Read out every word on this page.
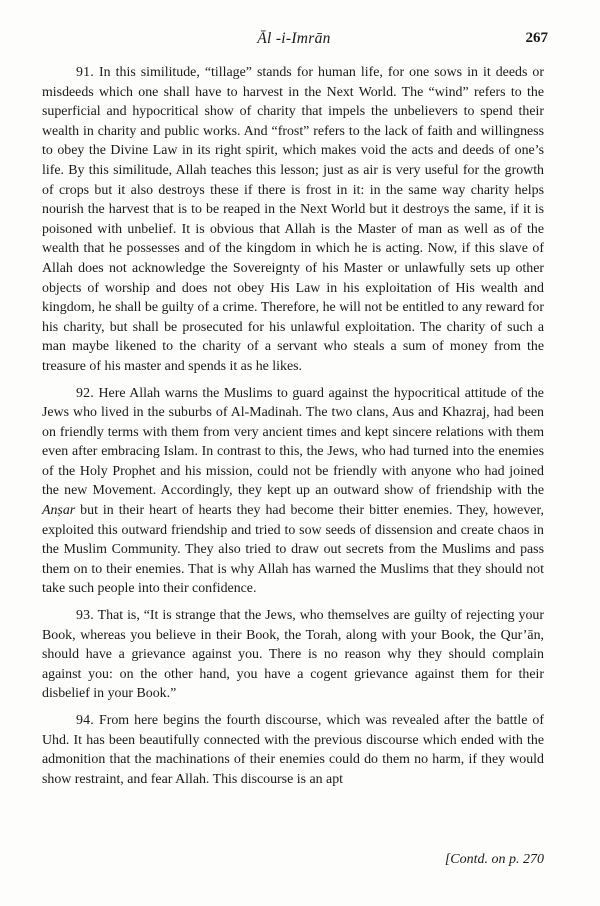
Āl -i-Imrān	267

91. In this similitude, “tillage” stands for human life, for one sows in it deeds or misdeeds which one shall have to harvest in the Next World. The “wind” refers to the superficial and hypocritical show of charity that impels the unbelievers to spend their wealth in charity and public works. And “frost” refers to the lack of faith and willingness to obey the Divine Law in its right spirit, which makes void the acts and deeds of one’s life. By this similitude, Allah teaches this lesson; just as air is very useful for the growth of crops but it also destroys these if there is frost in it: in the same way charity helps nourish the harvest that is to be reaped in the Next World but it destroys the same, if it is poisoned with unbelief. It is obvious that Allah is the Master of man as well as of the wealth that he possesses and of the kingdom in which he is acting. Now, if this slave of Allah does not acknowledge the Sovereignty of his Master or unlawfully sets up other objects of worship and does not obey His Law in his exploitation of His wealth and kingdom, he shall be guilty of a crime. Therefore, he will not be entitled to any reward for his charity, but shall be prosecuted for his unlawful exploitation. The charity of such a man maybe likened to the charity of a servant who steals a sum of money from the treasure of his master and spends it as he likes.

92. Here Allah warns the Muslims to guard against the hypocritical attitude of the Jews who lived in the suburbs of Al-Madinah. The two clans, Aus and Khazraj, had been on friendly terms with them from very ancient times and kept sincere relations with them even after embracing Islam. In contrast to this, the Jews, who had turned into the enemies of the Holy Prophet and his mission, could not be friendly with anyone who had joined the new Movement. Accordingly, they kept up an outward show of friendship with the Anṣar but in their heart of hearts they had become their bitter enemies. They, however, exploited this outward friendship and tried to sow seeds of dissension and create chaos in the Muslim Community. They also tried to draw out secrets from the Muslims and pass them on to their enemies. That is why Allah has warned the Muslims that they should not take such people into their confidence.

93. That is, “It is strange that the Jews, who themselves are guilty of rejecting your Book, whereas you believe in their Book, the Torah, along with your Book, the Qur’ān, should have a grievance against you. There is no reason why they should complain against you: on the other hand, you have a cogent grievance against them for their disbelief in your Book.”

94. From here begins the fourth discourse, which was revealed after the battle of Uhd. It has been beautifully connected with the previous discourse which ended with the admonition that the machinations of their enemies could do them no harm, if they would show restraint, and fear Allah. This discourse is an apt

[Contd. on p. 270
